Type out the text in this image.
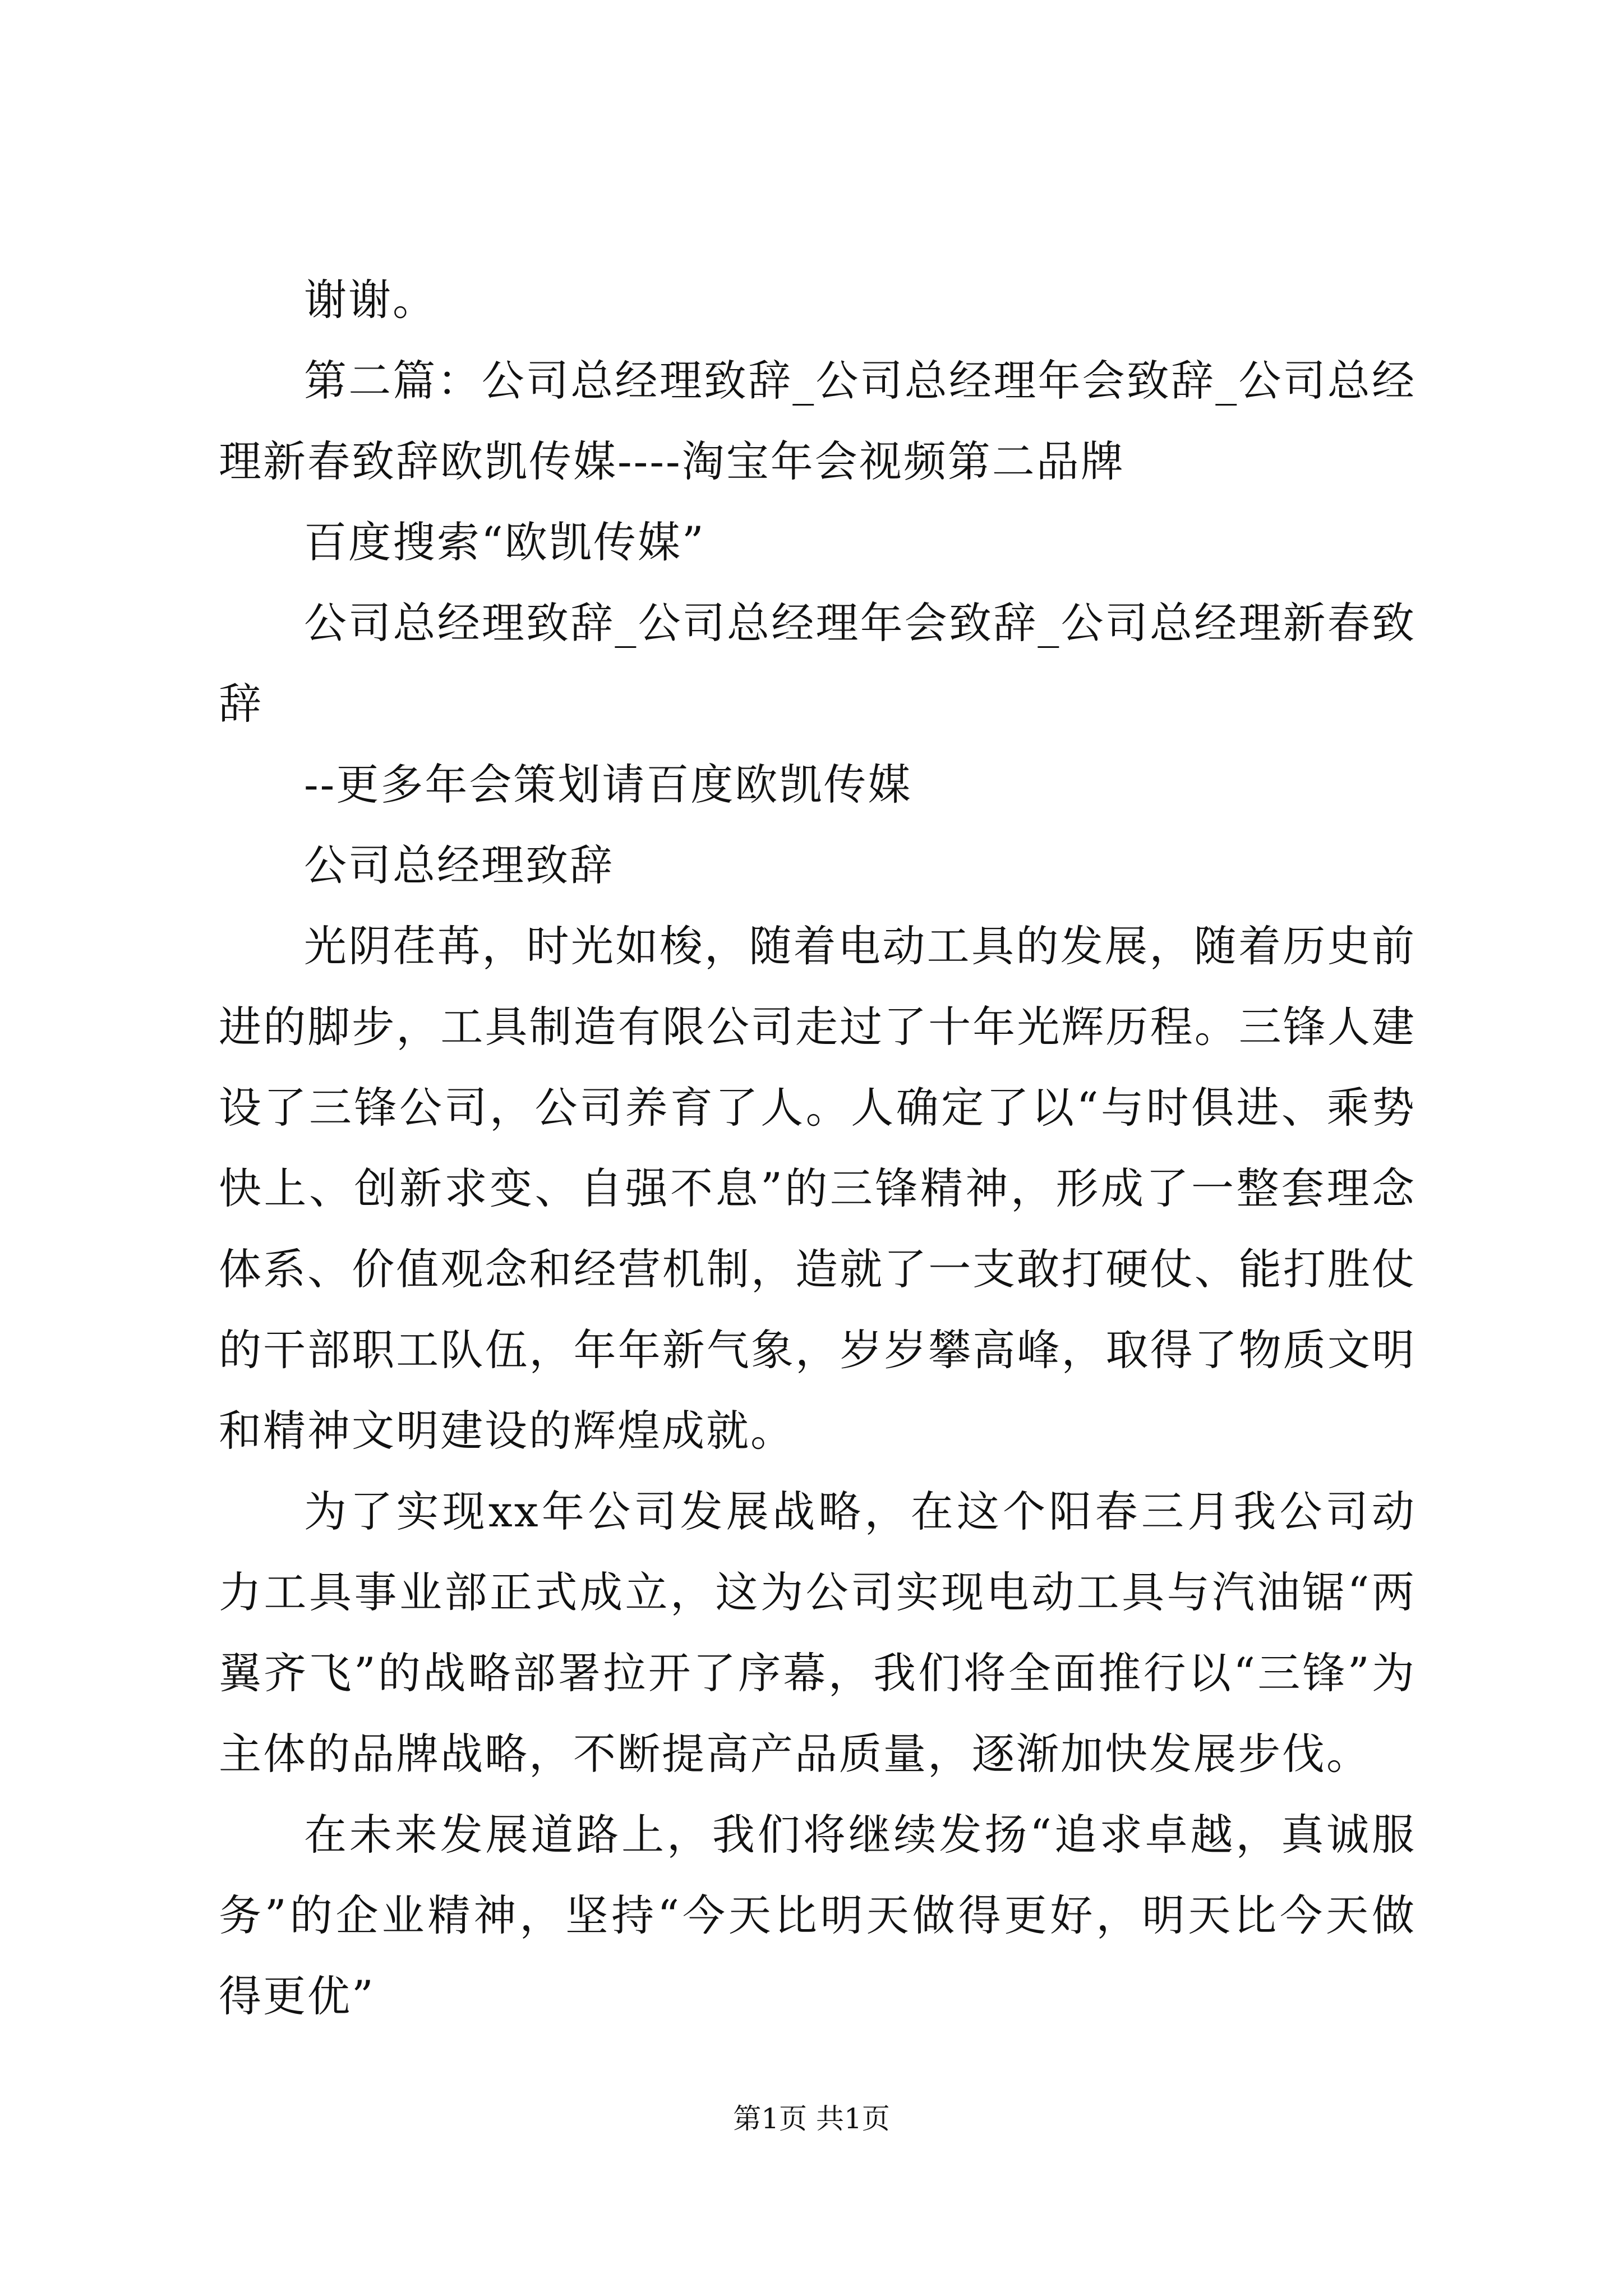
谢谢。

第二篇：公司总经理致辞_公司总经理年会致辞_公司总经理新春致辞欧凯传媒----淘宝年会视频第二品牌

百度搜索“欧凯传媒”

公司总经理致辞_公司总经理年会致辞_公司总经理新春致辞

--更多年会策划请百度欧凯传媒

公司总经理致辞

光阴荏苒，时光如梭，随着电动工具的发展，随着历史前进的脚步，工具制造有限公司走过了十年光辉历程。三锋人建设了三锋公司，公司养育了人。人确定了以“与时俱进、乘势快上、创新求变、自强不息”的三锋精神，形成了一整套理念体系、价值观念和经营机制，造就了一支敢打硬仗、能打胜仗的干部职工队伍，年年新气象，岁岁攀高峰，取得了物质文明和精神文明建设的辉煌成就。

为了实现xx年公司发展战略，在这个阳春三月我公司动力工具事业部正式成立，这为公司实现电动工具与汽油锯“两翼齐飞”的战略部署拉开了序幕，我们将全面推行以“三锋”为主体的品牌战略，不断提高产品质量，逐渐加快发展步伐。

在未来发展道路上，我们将继续发扬“追求卓越，真诚服务”的企业精神，坚持“今天比明天做得更好，明天比今天做得更优”

第1页 共1页
